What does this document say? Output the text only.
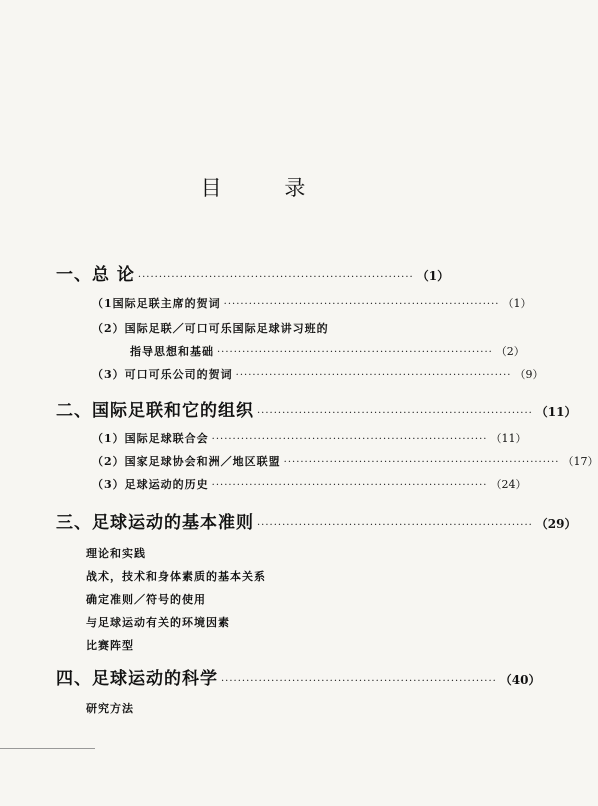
目 录
一、总 论 ·································································· （1）
（1国际足联主席的贺词 ·································································· （1）
（2）国际足联／可口可乐国际足球讲习班的
指导思想和基础 ·································································· （2）
（3）可口可乐公司的贺词 ·································································· （9）
二、国际足联和它的组织 ·································································· （11）
（1）国际足球联合会 ·································································· （11）
（2）国家足球协会和洲／地区联盟 ·································································· （17）
（3）足球运动的历史 ·································································· （24）
三、足球运动的基本准则 ·································································· （29）
理论和实践
战术，技术和身体素质的基本关系
确定准则／符号的使用
与足球运动有关的环境因素
比赛阵型
四、足球运动的科学 ·································································· （40）
研究方法
